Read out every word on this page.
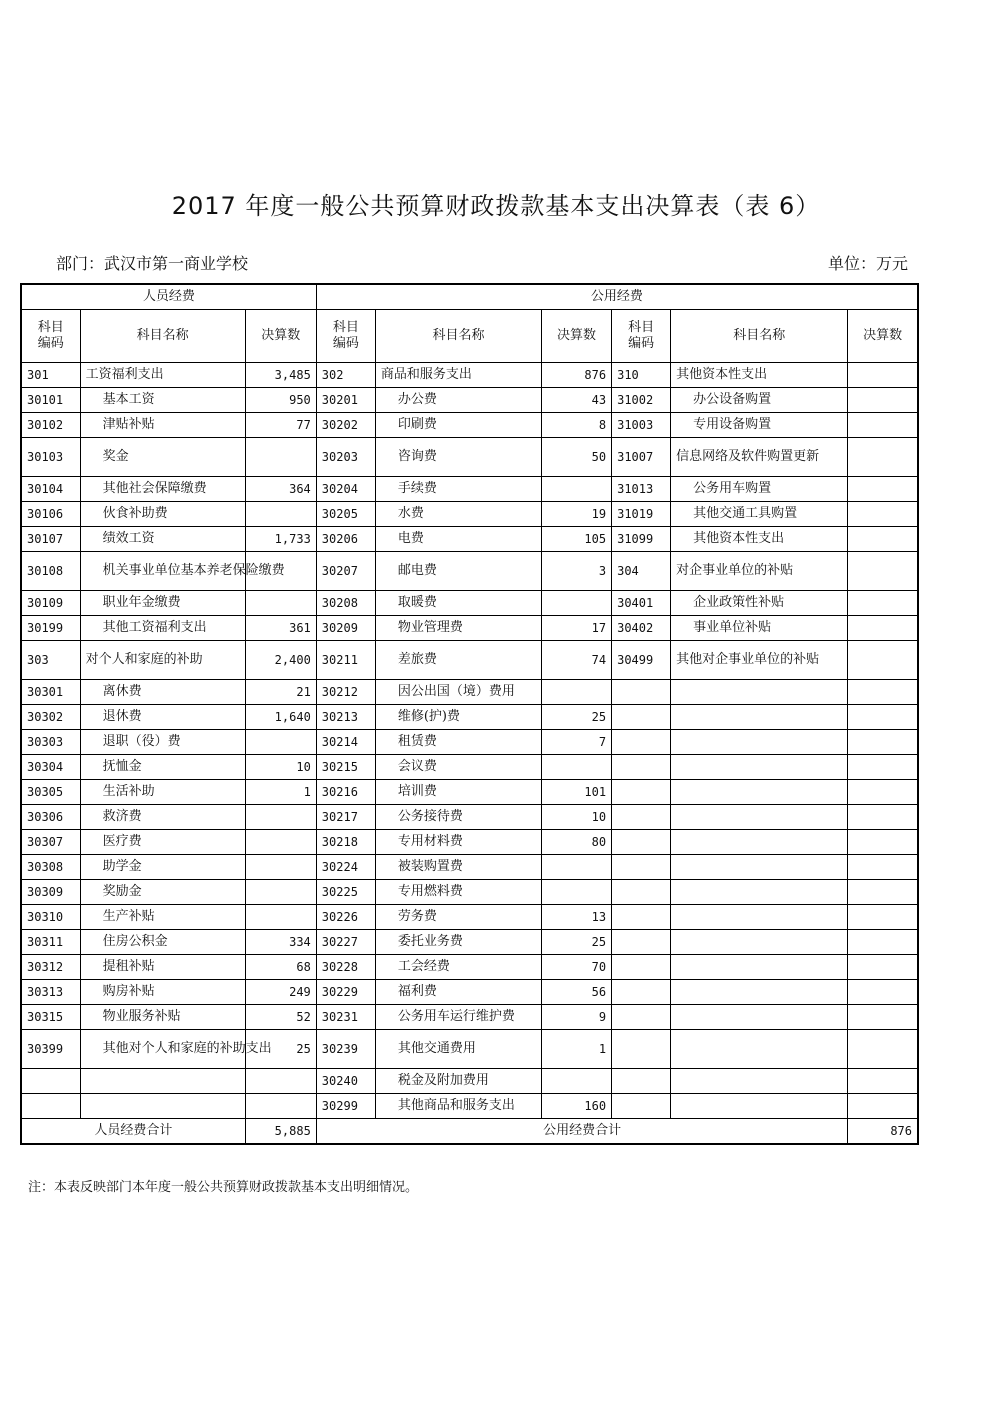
2017 年度一般公共预算财政拨款基本支出决算表（表 6）
部门：武汉市第一商业学校	单位：万元
人员经费			公用经费					

科目
编码	科目名称	决算数	科目
编码	科目名称	决算数	科目
编码	科目名称	决算数
301	工资福利支出	3,485	302	商品和服务支出	876	310	其他资本性支出	
30101	基本工资	950	30201	办公费	43	31002	办公设备购置	
30102	津贴补贴	77	30202	印刷费	8	31003	专用设备购置	
30103	奖金		30203	咨询费	50	31007	信息网络及软件购置更新	
30104	其他社会保障缴费	364	30204	手续费		31013	公务用车购置	
30106	伙食补助费		30205	水费	19	31019	其他交通工具购置	
30107	绩效工资	1,733	30206	电费	105	31099	其他资本性支出	
30108	机关事业单位基本养老保险缴费		30207	邮电费	3	304	对企事业单位的补贴	
30109	职业年金缴费		30208	取暖费		30401	企业政策性补贴	
30199	其他工资福利支出	361	30209	物业管理费	17	30402	事业单位补贴	
303	对个人和家庭的补助	2,400	30211	差旅费	74	30499	其他对企事业单位的补贴	
30301	离休费	21	30212	因公出国（境）费用				
30302	退休费	1,640	30213	维修(护)费	25			
30303	退职（役）费		30214	租赁费	7			
30304	抚恤金	10	30215	会议费				
30305	生活补助	1	30216	培训费	101			
30306	救济费		30217	公务接待费	10			
30307	医疗费		30218	专用材料费	80			
30308	助学金		30224	被装购置费				
30309	奖励金		30225	专用燃料费				
30310	生产补贴		30226	劳务费	13			
30311	住房公积金	334	30227	委托业务费	25			
30312	提租补贴	68	30228	工会经费	70			
30313	购房补贴	249	30229	福利费	56			
30315	物业服务补贴	52	30231	公务用车运行维护费	9			
30399	其他对个人和家庭的补助支出	25	30239	其他交通费用	1			
			30240	税金及附加费用				
			30299	其他商品和服务支出	160			
人员经费合计		5,885	公用经费合计					876
注：本表反映部门本年度一般公共预算财政拨款基本支出明细情况。
